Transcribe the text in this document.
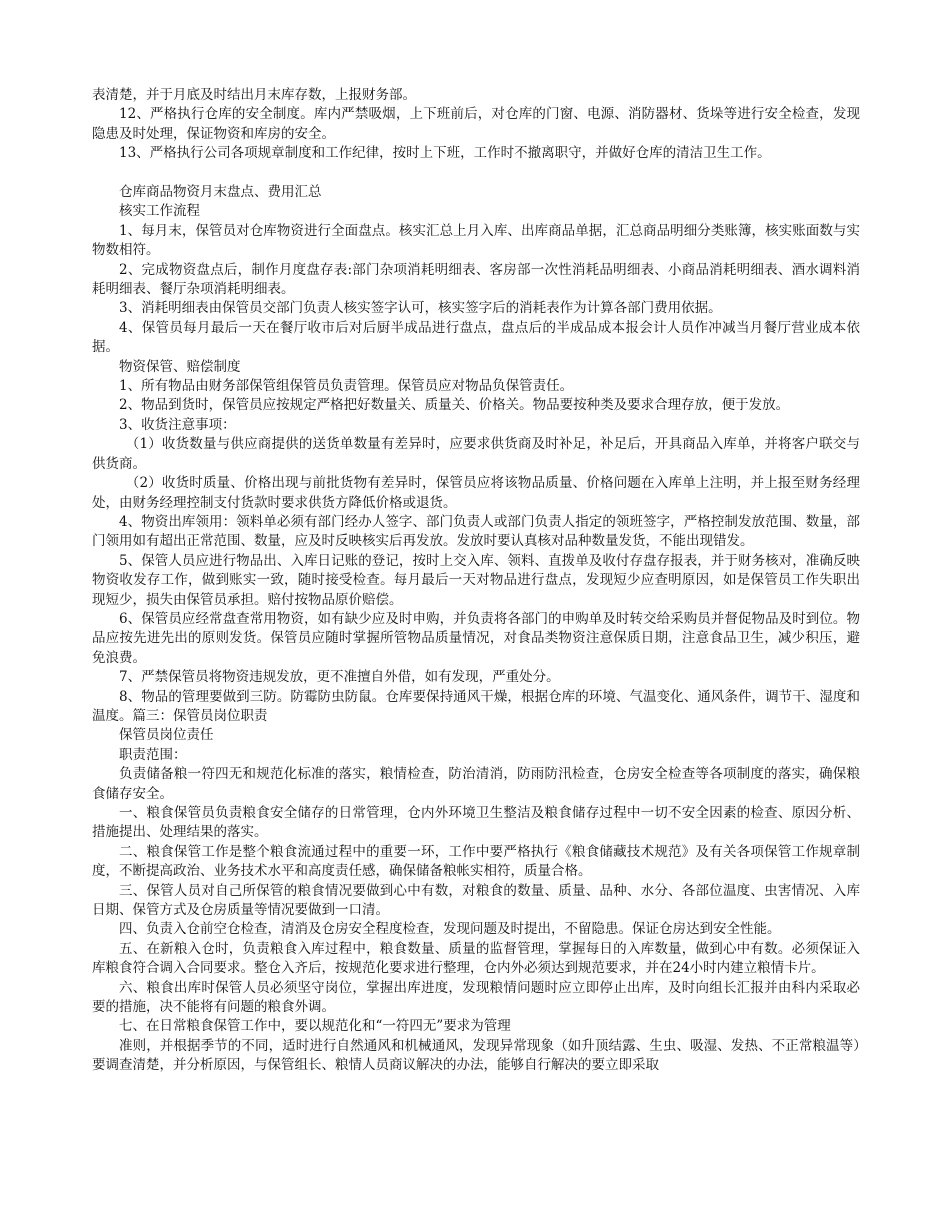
表清楚，并于月底及时结出月末库存数，上报财务部。

12、严格执行仓库的安全制度。库内严禁吸烟，上下班前后，对仓库的门窗、电源、消防器材、货垛等进行安全检查，发现隐患及时处理，保证物资和库房的安全。

13、严格执行公司各项规章制度和工作纪律，按时上下班，工作时不撤离职守，并做好仓库的清洁卫生工作。

仓库商品物资月末盘点、费用汇总

核实工作流程

1、每月末，保管员对仓库物资进行全面盘点。核实汇总上月入库、出库商品单据，汇总商品明细分类账簿，核实账面数与实物数相符。

2、完成物资盘点后，制作月度盘存表:部门杂项消耗明细表、客房部一次性消耗品明细表、小商品消耗明细表、酒水调料消耗明细表、餐厅杂项消耗明细表。

3、消耗明细表由保管员交部门负责人核实签字认可，核实签字后的消耗表作为计算各部门费用依据。

4、保管员每月最后一天在餐厅收市后对后厨半成品进行盘点，盘点后的半成品成本报会计人员作冲减当月餐厅营业成本依据。

物资保管、赔偿制度

1、所有物品由财务部保管组保管员负责管理。保管员应对物品负保管责任。

2、物品到货时，保管员应按规定严格把好数量关、质量关、价格关。物品要按种类及要求合理存放，便于发放。

3、收货注意事项：

（1）收货数量与供应商提供的送货单数量有差异时，应要求供货商及时补足，补足后，开具商品入库单，并将客户联交与供货商。

（2）收货时质量、价格出现与前批货物有差异时，保管员应将该物品质量、价格问题在入库单上注明，并上报至财务经理处，由财务经理控制支付货款时要求供货方降低价格或退货。

4、物资出库领用：领料单必须有部门经办人签字、部门负责人或部门负责人指定的领班签字，严格控制发放范围、数量，部门领用如有超出正常范围、数量，应及时反映核实后再发放。发放时要认真核对品种数量发货，不能出现错发。

5、保管人员应进行物品出、入库日记账的登记，按时上交入库、领料、直拨单及收付存盘存报表，并于财务核对，准确反映物资收发存工作，做到账实一致，随时接受检查。每月最后一天对物品进行盘点，发现短少应查明原因，如是保管员工作失职出现短少，损失由保管员承担。赔付按物品原价赔偿。

6、保管员应经常盘查常用物资，如有缺少应及时申购，并负责将各部门的申购单及时转交给采购员并督促物品及时到位。物品应按先进先出的原则发货。保管员应随时掌握所管物品质量情况，对食品类物资注意保质日期，注意食品卫生，减少积压，避免浪费。

7、严禁保管员将物资违规发放，更不准擅自外借，如有发现，严重处分。

8、物品的管理要做到三防。防霉防虫防鼠。仓库要保持通风干燥，根据仓库的环境、气温变化、通风条件，调节干、湿度和温度。篇三：保管员岗位职责

保管员岗位责任

职责范围：

负责储备粮一符四无和规范化标准的落实，粮情检查，防治清消，防雨防汛检查，仓房安全检查等各项制度的落实，确保粮食储存安全。

一、粮食保管员负责粮食安全储存的日常管理，仓内外环境卫生整洁及粮食储存过程中一切不安全因素的检查、原因分析、措施提出、处理结果的落实。

二、粮食保管工作是整个粮食流通过程中的重要一环，工作中要严格执行《粮食储藏技术规范》及有关各项保管工作规章制度，不断提高政治、业务技术水平和高度责任感，确保储备粮帐实相符，质量合格。

三、保管人员对自己所保管的粮食情况要做到心中有数，对粮食的数量、质量、品种、水分、各部位温度、虫害情况、入库日期、保管方式及仓房质量等情况要做到一口清。

四、负责入仓前空仓检查，清消及仓房安全程度检查，发现问题及时提出，不留隐患。保证仓房达到安全性能。

五、在新粮入仓时，负责粮食入库过程中，粮食数量、质量的监督管理，掌握每日的入库数量，做到心中有数。必须保证入库粮食符合调入合同要求。整仓入齐后，按规范化要求进行整理，仓内外必须达到规范要求，并在24小时内建立粮情卡片。

六、粮食出库时保管人员必须坚守岗位，掌握出库进度，发现粮情问题时应立即停止出库，及时向组长汇报并由科内采取必要的措施，决不能将有问题的粮食外调。

七、在日常粮食保管工作中，要以规范化和“一符四无”要求为管理

准则，并根据季节的不同，适时进行自然通风和机械通风，发现异常现象（如升顶结露、生虫、吸湿、发热、不正常粮温等）要调查清楚，并分析原因，与保管组长、粮情人员商议解决的办法，能够自行解决的要立即采取
